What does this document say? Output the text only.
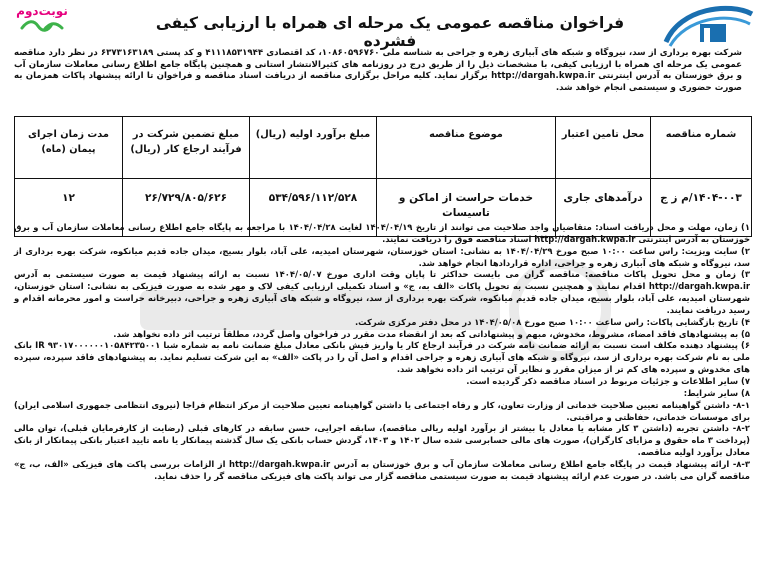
نوبت‌دوم
فراخوان مناقصه عمومی یک مرحله ای همراه با ارزیابی کیفی فشرده
شرکت بهره برداری از سد، نیروگاه و شبکه های آبیاری زهره و جراحی به شناسه ملی ۱۰۸۶۰۵۹۶۷۶۰، کد اقتصادی ۴۱۱۱۸۵۳۱۹۴۴ و کد پستی ۶۳۷۳۱۶۳۱۸۹ در نظر دارد مناقصه عمومی یک مرحله ای همراه با ارزیابی کیفی، با مشخصات ذیل را از طریق درج در روزنامه های کثیرالانتشار استانی و همچنین پایگاه جامع اطلاع رسانی معاملات سازمان آب و برق خوزستان به آدرس اینترنتی http://dargah.kwpa.ir برگزار نماید. کلیه مراحل برگزاری مناقصه از دریافت اسناد مناقصه و فراخوان تا ارائه پیشنهاد پاکات همزمان به صورت حضوری و سیستمی انجام خواهد شد.
شماره مناقصه	محل تامین اعتبار	موضوع مناقصه	مبلغ برآورد اولیه (ریال)	مبلغ تضمین شرکت در فرآیند ارجاع کار (ریال)	مدت زمان اجرای پیمان (ماه)
۱۴۰۴-۰۰۳/م ز ج	درآمدهای جاری	خدمات حراست از اماکن و تاسیسات	۵۳۴/۵۹۶/۱۱۲/۵۲۸	۲۶/۷۲۹/۸۰۵/۶۲۶	۱۲

۱) زمان، مهلت و محل دریافت اسناد: متقاضیان واجد صلاحیت می توانند از تاریخ ۱۴۰۴/۰۴/۱۹ لغایت ۱۴۰۴/۰۴/۲۸ با مراجعه به پایگاه جامع اطلاع رسانی معاملات سازمان آب و برق خوزستان به آدرس اینترنتی http://dargah.kwpa.ir اسناد مناقصه فوق را دریافت نمایند.

۲) سایت ویزیت: راس ساعت ۱۰:۰۰ صبح مورخ ۱۴۰۴/۰۴/۲۹ به نشانی: استان خوزستان، شهرستان امیدیه، علی آباد، بلوار بسیج، میدان جاده قدیم میانکوه، شرکت بهره برداری از سد، نیروگاه و شبکه های آبیاری زهره و جراحی، اداره قراردادها انجام خواهد شد.

۳) زمان و محل تحویل پاکات مناقصه: مناقصه گران می بایست حداکثر تا پایان وقت اداری مورخ ۱۴۰۴/۰۵/۰۷ نسبت به ارائه پیشنهاد قیمت به صورت سیستمی به آدرس http://dargah.kwpa.ir اقدام نمایند و همچنین نسبت به تحویل پاکات «الف به، ج» و اسناد تکمیلی ارزیابی کیفی لاک و مهر شده به صورت فیزیکی به نشانی: استان خوزستان، شهرستان امیدیه، علی آباد، بلوار بسیج، میدان جاده قدیم میانکوه، شرکت بهره برداری از سد، نیروگاه و شبکه های آبیاری زهره و جراحی، دبیرخانه حراست و امور محرمانه اقدام و رسید دریافت نمایند.

۴) تاریخ بازگشایی پاکات: راس ساعت ۱۰:۰۰ صبح مورخ ۱۴۰۴/۰۵/۰۸ در محل دفتر مرکزی شرکت.

۵) به پیشنهادهای فاقد امضاء، مشروط، مخدوش، مبهم و پیشنهاداتی که بعد از انقضاء مدت مقرر در فراخوان واصل گردد، مطلقاً ترتیب اثر داده نخواهد شد.

۶) پیشنهاد دهنده مکلف است نسبت به ارائه ضمانت نامه شرکت در فرآیند ارجاع کار یا واریز فیش بانکی معادل مبلغ ضمانت نامه به شماره شبا IR ۹۳۰۱۷۰۰۰۰۰۰۱۰۵۸۴۲۳۵۰۰۱ بانک ملی به نام شرکت بهره برداری از سد، نیروگاه و شبکه های آبیاری زهره و جراحی اقدام و اصل آن را در پاکت «الف» به این شرکت تسلیم نماید. به پیشنهادهای فاقد سپرده، سپرده های مخدوش و سپرده های کم تر از میزان مقرر و نظایر آن ترتیب اثر داده نخواهد شد.

۷) سایر اطلاعات و جزئیات مربوط در اسناد مناقصه ذکر گردیده است.

۸) سایر شرایط:

۸-۱- داشتن گواهینامه تعیین صلاحیت خدماتی از وزارت تعاون، کار و رفاه اجتماعی یا داشتن گواهینامه تعیین صلاحیت از مرکز انتظام فراجا (نیروی انتظامی جمهوری اسلامی ایران) برای موسسات خدماتی، حفاظتی و مراقبتی.

۸-۲- داشتن تجربه (داشتن ۳ کار مشابه یا معادل یا بیشتر از برآورد اولیه ریالی مناقصه)، سابقه اجرایی، حسن سابقه در کارهای قبلی (رضایت از کارفرمایان قبلی)، توان مالی (پرداخت ۳ ماه حقوق و مزایای کارگران)، صورت های مالی حسابرسی شده سال ۱۴۰۲ و ۱۴۰۳، گردش حساب بانکی یک سال گذشته پیمانکار یا نامه تایید اعتبار بانکی پیمانکار از بانک معادل برآورد اولیه مناقصه.

۸-۳- ارائه پیشنهاد قیمت در پایگاه جامع اطلاع رسانی معاملات سازمان آب و برق خوزستان به آدرس http://dargah.kwpa.ir از الزامات بررسی پاکت های فیزیکی «الف، ب، ج» مناقصه گران می باشد. در صورت عدم ارائه پیشنهاد قیمت به صورت سیستمی مناقصه گزار می تواند پاکت های فیزیکی مناقصه گر را حذف نماید.
